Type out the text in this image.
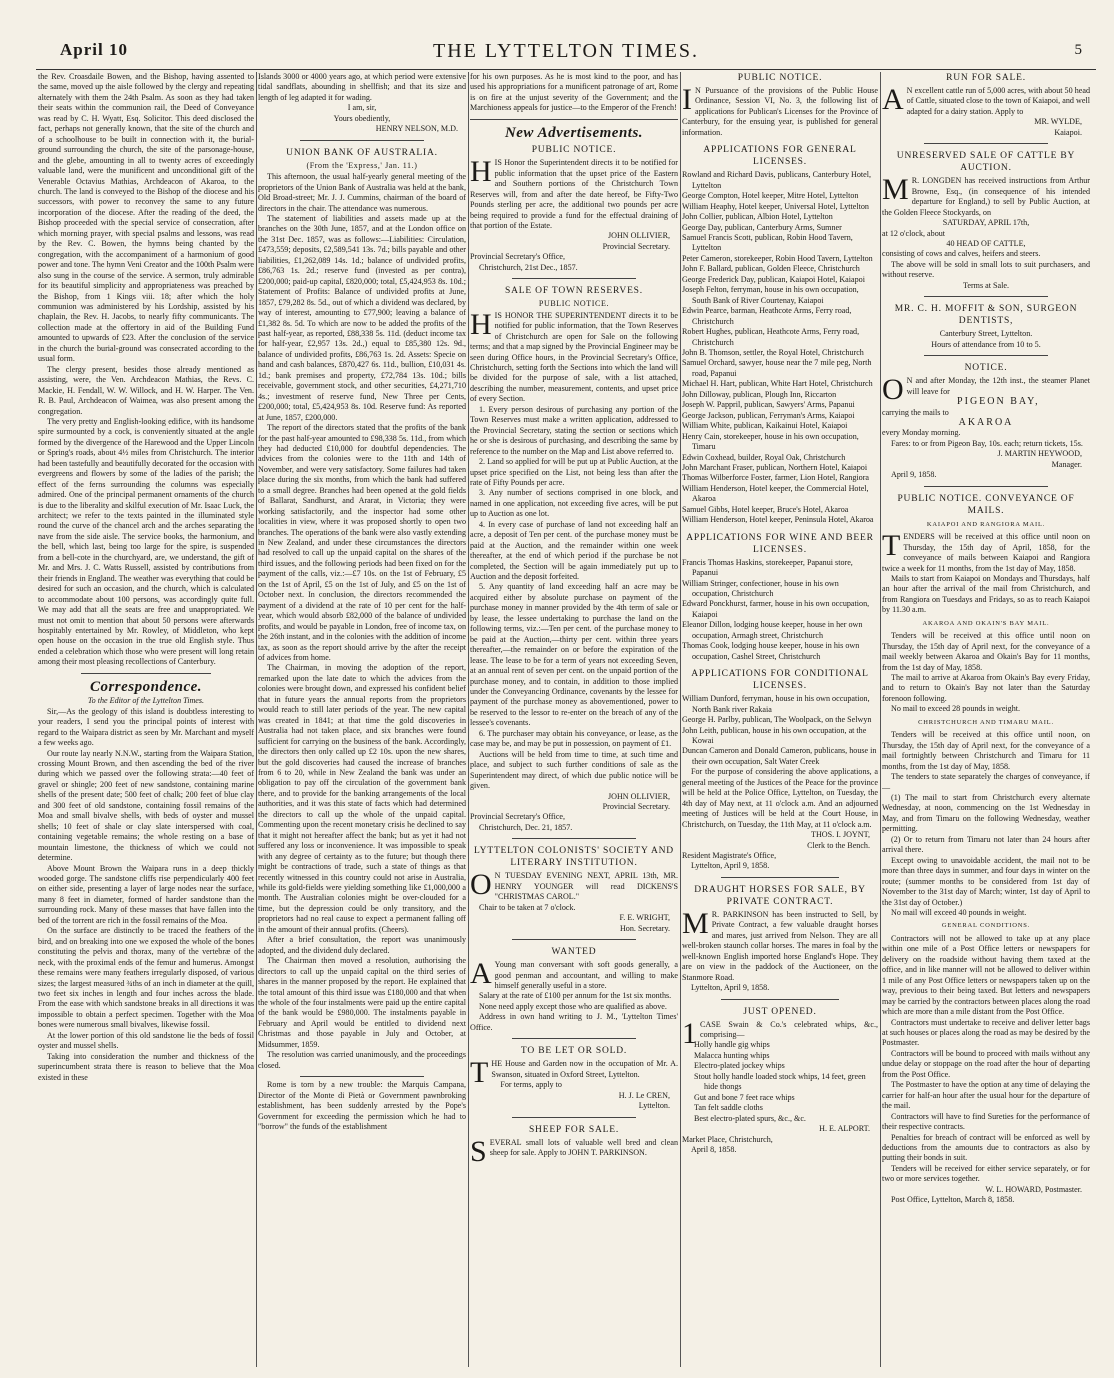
April 10	THE LYTTELTON TIMES.	5

the Rev. Croasdaile Bowen, and the Bishop, having assented to the same, moved up the aisle followed by the clergy and repeating alternately with them the 24th Psalm. As soon as they had taken their seats within the communion rail, the Deed of Conveyance was read by C. H. Wyatt, Esq. Solicitor. This deed disclosed the fact, perhaps not generally known, that the site of the church and of a schoolhouse to be built in connection with it, the burial-ground surrounding the church, the site of the parsonage-house, and the glebe, amounting in all to twenty acres of exceedingly valuable land, were the munificent and unconditional gift of the Venerable Octavius Mathias, Archdeacon of Akaroa, to the church. The land is conveyed to the Bishop of the diocese and his successors, with power to reconvey the same to any future incorporation of the diocese. After the reading of the deed, the Bishop proceeded with the special service of consecration, after which morning prayer, with special psalms and lessons, was read by the Rev. C. Bowen, the hymns being chanted by the congregation, with the accompaniment of a harmonium of good power and tone. The hymn Veni Creator and the 100th Psalm were also sung in the course of the service. A sermon, truly admirable for its beautiful simplicity and appropriateness was preached by the Bishop, from 1 Kings viii. 18; after which the holy communion was administered by his Lordship, assisted by his chaplain, the Rev. H. Jacobs, to nearly fifty communicants. The collection made at the offertory in aid of the Building Fund amounted to upwards of £23. After the conclusion of the service in the church the burial-ground was consecrated according to the usual form.

The clergy present, besides those already mentioned as assisting, were, the Ven. Archdeacon Mathias, the Revs. C. Mackie, H. Fendall, W. W. Willock, and H. W. Harper. The Ven. R. B. Paul, Archdeacon of Waimea, was also present among the congregation.

The very pretty and English-looking edifice, with its handsome spire surmounted by a cock, is conveniently situated at the angle formed by the divergence of the Harewood and the Upper Lincoln or Spring's roads, about 4½ miles from Christchurch. The interior had been tastefully and beautifully decorated for the occasion with evergreens and flowers by some of the ladies of the parish; the effect of the ferns surrounding the columns was especially admired. One of the principal permanent ornaments of the church is due to the liberality and skilful execution of Mr. Isaac Luck, the architect; we refer to the texts painted in the illuminated style round the curve of the chancel arch and the arches separating the nave from the side aisle. The service books, the harmonium, and the bell, which last, being too large for the spire, is suspended from a bell-cote in the churchyard, are, we understand, the gift of Mr. and Mrs. J. C. Watts Russell, assisted by contributions from their friends in England. The weather was everything that could be desired for such an occasion, and the church, which is calculated to accommodate about 100 persons, was accordingly quite full. We may add that all the seats are free and unappropriated. We must not omit to mention that about 50 persons were afterwards hospitably entertained by Mr. Rowley, of Middleton, who kept open house on the occasion in the true old English style. Thus ended a celebration which those who were present will long retain among their most pleasing recollections of Canterbury.

Correspondence.

To the Editor of the Lyttelton Times.

Sir,—As the geology of this island is doubtless interesting to your readers, I send you the principal points of interest with regard to the Waipara district as seen by Mr. Marchant and myself a few weeks ago.

Our route lay nearly N.N.W., starting from the Waipara Station, crossing Mount Brown, and then ascending the bed of the river during which we passed over the following strata:—40 feet of gravel or shingle; 200 feet of new sandstone, containing marine shells of the present date; 500 feet of chalk; 200 feet of blue clay and 300 feet of old sandstone, containing fossil remains of the Moa and small bivalve shells, with beds of oyster and mussel shells; 10 feet of shale or clay slate interspersed with coal, containing vegetable remains; the whole resting on a base of mountain limestone, the thickness of which we could not determine.

Above Mount Brown the Waipara runs in a deep thickly wooded gorge. The sandstone cliffs rise perpendicularly 400 feet on either side, presenting a layer of large nodes near the surface, many 8 feet in diameter, formed of harder sandstone than the surrounding rock. Many of these masses that have fallen into the bed of the torrent are rich in the fossil remains of the Moa.

On the surface are distinctly to be traced the feathers of the bird, and on breaking into one we exposed the whole of the bones constituting the pelvis and thorax, many of the vertebræ of the neck, with the proximal ends of the femur and humerus. Amongst these remains were many feathers irregularly disposed, of various sizes; the largest measured ¾ths of an inch in diameter at the quill, two feet six inches in length and four inches across the blade. From the ease with which sandstone breaks in all directions it was impossible to obtain a perfect specimen. Together with the Moa bones were numerous small bivalves, likewise fossil.

At the lower portion of this old sandstone lie the beds of fossil oyster and mussel shells.

Taking into consideration the number and thickness of the superincumbent strata there is reason to believe that the Moa existed in these

Islands 3000 or 4000 years ago, at which period were extensive tidal sandflats, abounding in shellfish; and that its size and length of leg adapted it for wading.

I am, sir,

Yours obediently,

HENRY NELSON, M.D.

UNION BANK OF AUSTRALIA.
(From the 'Express,' Jan. 11.)

This afternoon, the usual half-yearly general meeting of the proprietors of the Union Bank of Australia was held at the bank, Old Broad-street; Mr. J. J. Cummins, chairman of the board of directors in the chair. The attendance was numerous.

The statement of liabilities and assets made up at the branches on the 30th June, 1857, and at the London office on the 31st Dec. 1857, was as follows:—Liabilities: Circulation, £473,559; deposits, £2,589,541 13s. 7d.; bills payable and other liabilities, £1,262,089 14s. 1d.; balance of undivided profits, £86,763 1s. 2d.; reserve fund (invested as per contra), £200,000; paid-up capital, £820,000; total, £5,424,953 8s. 10d.; Statement of Profits: Balance of undivided profits at June, 1857, £79,282 8s. 5d., out of which a dividend was declared, by way of interest, amounting to £77,900; leaving a balance of £1,382 8s. 5d. To which are now to be added the profits of the past half-year, as reported, £88,338 5s. 11d. (deduct income tax for half-year, £2,957 13s. 2d.,) equal to £85,380 12s. 9d., balance of undivided profits, £86,763 1s. 2d. Assets: Specie on hand and cash balances, £870,427 6s. 11d., bullion, £10,031 4s. 1d.; bank premises and property, £72,784 13s. 10d.; bills receivable, government stock, and other securities, £4,271,710 4s.; investment of reserve fund, New Three per Cents, £200,000; total, £5,424,953 8s. 10d. Reserve fund: As reported at June, 1857, £200,000.

The report of the directors stated that the profits of the bank for the past half-year amounted to £98,338 5s. 11d., from which they had deducted £10,000 for doubtful dependencies. The advices from the colonies were to the 11th and 14th of November, and were very satisfactory. Some failures had taken place during the six months, from which the bank had suffered to a small degree. Branches had been opened at the gold fields of Ballarat, Sandhurst, and Ararat, in Victoria; they were working satisfactorily, and the inspector had some other localities in view, where it was proposed shortly to open two branches. The operations of the bank were also vastly extending in New Zealand, and under these circumstances the directors had resolved to call up the unpaid capital on the shares of the third issues, and the following periods had been fixed on for the payment of the calls, viz.:—£7 10s. on the 1st of February, £5 on the 1st of April, £5 on the 1st of July, and £5 on the 1st of October next. In conclusion, the directors recommended the payment of a dividend at the rate of 10 per cent for the half-year, which would absorb £82,000 of the balance of undivided profits, and would be payable in London, free of income tax, on the 26th instant, and in the colonies with the addition of income tax, as soon as the report should arrive by the after the receipt of advices from home.

The Chairman, in moving the adoption of the report, remarked upon the late date to which the advices from the colonies were brought down, and expressed his confident belief that in future years the annual reports from the proprietors would reach to still later periods of the year. The new capital was created in 1841; at that time the gold discoveries in Australia had not taken place, and six branches were found sufficient for carrying on the business of the bank. Accordingly, the directors then only called up £2 10s. upon the new shares, but the gold discoveries had caused the increase of branches from 6 to 20, while in New Zealand the bank was under an obligation to pay off the circulation of the government bank there, and to provide for the banking arrangements of the local authorities, and it was this state of facts which had determined the directors to call up the whole of the unpaid capital. Commenting upon the recent monetary crisis he declined to say that it might not hereafter affect the bank; but as yet it had not suffered any loss or inconvenience. It was impossible to speak with any degree of certainty as to the future; but though there might be contractions of trade, such a state of things as that recently witnessed in this country could not arise in Australia, while its gold-fields were yielding something like £1,000,000 a month. The Australian colonies might be over-clouded for a time, but the depression could be only transitory, and the proprietors had no real cause to expect a permanent falling off in the amount of their annual profits. (Cheers).

After a brief consultation, the report was unanimously adopted, and the dividend duly declared.

The Chairman then moved a resolution, authorising the directors to call up the unpaid capital on the third series of shares in the manner proposed by the report. He explained that the total amount of this third issue was £180,000 and that when the whole of the four instalments were paid up the entire capital of the bank would be £980,000. The instalments payable in February and April would be entitled to dividend next Christmas and those payable in July and October, at Midsummer, 1859.

The resolution was carried unanimously, and the proceedings closed.

Rome is torn by a new trouble: the Marquis Campana, Director of the Monte di Pietà or Government pawnbroking establishment, has been suddenly arrested by the Pope's Government for exceeding the permission which he had to "borrow" the funds of the establishment

for his own purposes. As he is most kind to the poor, and has used his appropriations for a munificent patronage of art, Rome is on fire at the unjust severity of the Government; and the Marchioness appeals for justice—to the Emperor of the French!

New Advertisements.
PUBLIC NOTICE.

HIS Honor the Superintendent directs it to be notified for public information that the upset price of the Eastern and Southern portions of the Christchurch Town Reserves will, from and after the date hereof, be Fifty-Two Pounds sterling per acre, the additional two pounds per acre being required to provide a fund for the effectual draining of that portion of the Estate.

JOHN OLLIVIER,

Provincial Secretary.

Provincial Secretary's Office,

Christchurch, 21st Dec., 1857.

SALE OF TOWN RESERVES.
PUBLIC NOTICE.

HIS HONOR THE SUPERINTENDENT directs it to be notified for public information, that the Town Reserves of Christchurch are open for Sale on the following terms; and that a map signed by the Provincial Engineer may be seen during Office hours, in the Provincial Secretary's Office, Christchurch, setting forth the Sections into which the land will be divided for the purpose of sale, with a list attached, describing the number, measurement, contents, and upset price of every Section.

1. Every person desirous of purchasing any portion of the Town Reserves must make a written application, addressed to the Provincial Secretary, stating the section or sections which he or she is desirous of purchasing, and describing the same by reference to the number on the Map and List above referred to.

2. Land so applied for will be put up at Public Auction, at the upset price specified on the List, not being less than after the rate of Fifty Pounds per acre.

3. Any number of sections comprised in one block, and named in one application, not exceeding five acres, will be put up to Auction as one lot.

4. In every case of purchase of land not exceeding half an acre, a deposit of Ten per cent. of the purchase money must be paid at the Auction, and the remainder within one week thereafter, at the end of which period if the purchase be not completed, the Section will be again immediately put up to Auction and the deposit forfeited.

5. Any quantity of land exceeding half an acre may be acquired either by absolute purchase on payment of the purchase money in manner provided by the 4th term of sale or by lease, the lessee undertaking to purchase the land on the following terms, viz.:—Ten per cent. of the purchase money to be paid at the Auction,—thirty per cent. within three years thereafter,—the remainder on or before the expiration of the lease. The lease to be for a term of years not exceeding Seven, at an annual rent of seven per cent. on the unpaid portion of the purchase money, and to contain, in addition to those implied under the Conveyancing Ordinance, covenants by the lessee for payment of the purchase money as abovementioned, power to be reserved to the lessor to re-enter on the breach of any of the lessee's covenants.

6. The purchaser may obtain his conveyance, or lease, as the case may be, and may be put in possession, on payment of £1.

Auctions will be held from time to time, at such time and place, and subject to such further conditions of sale as the Superintendent may direct, of which due public notice will be given.

JOHN OLLIVIER,

Provincial Secretary.

Provincial Secretary's Office,

Christchurch, Dec. 21, 1857.

LYTTELTON COLONISTS' SOCIETY AND LITERARY INSTITUTION.

O N TUESDAY EVENING NEXT, APRIL 13th, MR. HENRY YOUNGER will read DICKENS'S "CHRISTMAS CAROL."

Chair to be taken at 7 o'clock.

F. E. WRIGHT,

Hon. Secretary.

WANTED

A Young man conversant with soft goods generally, a good penman and accountant, and willing to make himself generally useful in a store.

Salary at the rate of £100 per annum for the 1st six months.

None need apply except those who are qualified as above.

Address in own hand writing to J. M., 'Lyttelton Times' Office.

TO BE LET OR SOLD.

THE House and Garden now in the occupation of Mr. A. Swanson, situated in Oxford Street, Lyttelton.

For terms, apply to

H. J. Le CREN,

Lyttelton.

SHEEP FOR SALE.

SEVERAL small lots of valuable well bred and clean sheep for sale. Apply to JOHN T. PARKINSON.

PUBLIC NOTICE.

I N Pursuance of the provisions of the Public House Ordinance, Session VI, No. 3, the following list of applications for Publican's Licenses for the Province of Canterbury, for the ensuing year, is published for general information.

APPLICATIONS FOR GENERAL LICENSES.
Rowland and Richard Davis, publicans, Canterbury Hotel, Lyttelton
George Compton, Hotel keeper, Mitre Hotel, Lyttelton
William Heaphy, Hotel keeper, Universal Hotel, Lyttelton
John Collier, publican, Albion Hotel, Lyttelton
George Day, publican, Canterbury Arms, Sumner
Samuel Francis Scott, publican, Robin Hood Tavern, Lyttelton
Peter Cameron, storekeeper, Robin Hood Tavern, Lyttelton
John F. Ballard, publican, Golden Fleece, Christchurch
George Frederick Day, publican, Kaiapoi Hotel, Kaiapoi
Joseph Felton, ferryman, house in his own occupation, South Bank of River Courtenay, Kaiapoi
Edwin Pearce, barman, Heathcote Arms, Ferry road, Christchurch
Robert Hughes, publican, Heathcote Arms, Ferry road, Christchurch
John B. Thomson, settler, the Royal Hotel, Christchurch
Samuel Orchard, sawyer, house near the 7 mile peg, North road, Papanui
Michael H. Hart, publican, White Hart Hotel, Christchurch
John Dilloway, publican, Plough Inn, Riccarton
Joseph W. Pappril, publican, Sawyers' Arms, Papanui
George Jackson, publican, Ferryman's Arms, Kaiapoi
William White, publican, Kaikainui Hotel, Kaiapoi
Henry Cain, storekeeper, house in his own occupation, Timaru
Edwin Coxhead, builder, Royal Oak, Christchurch
John Marchant Fraser, publican, Northern Hotel, Kaiapoi
Thomas Wilberforce Foster, farmer, Lion Hotel, Rangiora
William Henderson, Hotel keeper, the Commercial Hotel, Akaroa
Samuel Gibbs, Hotel keeper, Bruce's Hotel, Akaroa
William Henderson, Hotel keeper, Peninsula Hotel, Akaroa
APPLICATIONS FOR WINE AND BEER LICENSES.
Francis Thomas Haskins, storekeeper, Papanui store, Papanui
William Stringer, confectioner, house in his own occupation, Christchurch
Edward Ponckhurst, farmer, house in his own occupation, Kaiapoi
Eleanor Dillon, lodging house keeper, house in her own occupation, Armagh street, Christchurch
Thomas Cook, lodging house keeper, house in his own occupation, Cashel Street, Christchurch
APPLICATIONS FOR CONDITIONAL LICENSES.
William Dunford, ferryman, house in his own occupation, North Bank river Rakaia
George H. Parlby, publican, The Woolpack, on the Selwyn
John Leith, publican, house in his own occupation, at the Kowai
Duncan Cameron and Donald Cameron, publicans, house in their own occupation, Salt Water Creek

For the purpose of considering the above applications, a general meeting of the Justices of the Peace for the province will be held at the Police Office, Lyttelton, on Tuesday, the 4th day of May next, at 11 o'clock a.m. And an adjourned meeting of Justices will be held at the Court House, in Christchurch, on Tuesday, the 11th May, at 11 o'clock a.m.

THOS. I. JOYNT,

Clerk to the Bench.

Resident Magistrate's Office,

Lyttelton, April 9, 1858.

DRAUGHT HORSES FOR SALE, BY PRIVATE CONTRACT.

M R. PARKINSON has been instructed to Sell, by Private Contract, a few valuable draught horses and mares, just arrived from Nelson. They are all well-broken staunch collar horses. The mares in foal by the well-known English imported horse England's Hope. They are on view in the paddock of the Auctioneer, on the Stanmore Road.

Lyttelton, April 9, 1858.

JUST OPENED.

1 CASE Swain & Co.'s celebrated whips, &c., comprising—

Holly handle gig whips
Malacca hunting whips
Electro-plated jockey whips
Stout holly handle loaded stock whips, 14 feet, green hide thongs
Gut and bone 7 feet race whips
Tan felt saddle cloths
Best electro-plated spurs, &c., &c.

H. E. ALPORT.

Market Place, Christchurch,

April 8, 1858.

RUN FOR SALE.

A N excellent cattle run of 5,000 acres, with about 50 head of Cattle, situated close to the town of Kaiapoi, and well adapted for a dairy station. Apply to

MR. WYLDE,

Kaiapoi.

UNRESERVED SALE OF CATTLE BY AUCTION.

M R. LONGDEN has received instructions from Arthur Browne, Esq., (in consequence of his intended departure for England,) to sell by Public Auction, at the Golden Fleece Stockyards, on

SATURDAY, APRIL 17th,

at 12 o'clock, about

40 HEAD OF CATTLE,

consisting of cows and calves, heifers and steers.

The above will be sold in small lots to suit purchasers, and without reserve.

Terms at Sale.

MR. C. H. MOFFIT & SON, SURGEON DENTISTS,

Canterbury Street, Lyttelton.

Hours of attendance from 10 to 5.

NOTICE.

O N and after Monday, the 12th inst., the steamer Planet will leave for

PIGEON BAY,

carrying the mails to

AKAROA

every Monday morning.

Fares: to or from Pigeon Bay, 10s. each; return tickets, 15s.

J. MARTIN HEYWOOD,

Manager.

April 9, 1858.

PUBLIC NOTICE. CONVEYANCE OF MAILS.
KAIAPOI AND RANGIORA MAIL.

TENDERS will be received at this office until noon on Thursday, the 15th day of April, 1858, for the conveyance of mails between Kaiapoi and Rangiora twice a week for 11 months, from the 1st day of May, 1858.

Mails to start from Kaiapoi on Mondays and Thursdays, half an hour after the arrival of the mail from Christchurch, and from Rangiora on Tuesdays and Fridays, so as to reach Kaiapoi by 11.30 a.m.

AKAROA AND OKAIN'S BAY MAIL.

Tenders will be received at this office until noon on Thursday, the 15th day of April next, for the conveyance of a mail weekly between Akaroa and Okain's Bay for 11 months, from the 1st day of May, 1858.

The mail to arrive at Akaroa from Okain's Bay every Friday, and to return to Okain's Bay not later than the Saturday forenoon following.

No mail to exceed 28 pounds in weight.

CHRISTCHURCH AND TIMARU MAIL.

Tenders will be received at this office until noon, on Thursday, the 15th day of April next, for the conveyance of a mail fortnightly between Christchurch and Timaru for 11 months, from the 1st day of May, 1858.

The tenders to state separately the charges of conveyance, if—

(1) The mail to start from Christchurch every alternate Wednesday, at noon, commencing on the 1st Wednesday in May, and from Timaru on the following Wednesday, weather permitting.

(2) Or to return from Timaru not later than 24 hours after arrival there.

Except owing to unavoidable accident, the mail not to be more than three days in summer, and four days in winter on the route; (summer months to be considered from 1st day of November to the 31st day of March; winter, 1st day of April to the 31st day of October.)

No mail will exceed 40 pounds in weight.

GENERAL CONDITIONS.

Contractors will not be allowed to take up at any place within one mile of a Post Office letters or newspapers for delivery on the roadside without having them taxed at the office, and in like manner will not be allowed to deliver within 1 mile of any Post Office letters or newspapers taken up on the way, previous to their being taxed. But letters and newspapers may be carried by the contractors between places along the road which are more than a mile distant from the Post Office.

Contractors must undertake to receive and deliver letter bags at such houses or places along the road as may be desired by the Postmaster.

Contractors will be bound to proceed with mails without any undue delay or stoppage on the road after the hour of departing from the Post Office.

The Postmaster to have the option at any time of delaying the carrier for half-an hour after the usual hour for the departure of the mail.

Contractors will have to find Sureties for the performance of their respective contracts.

Penalties for breach of contract will be enforced as well by deductions from the amounts due to contractors as also by putting their bonds in suit.

Tenders will be received for either service separately, or for two or more services together.

W. L. HOWARD, Postmaster.

Post Office, Lyttelton, March 8, 1858.
